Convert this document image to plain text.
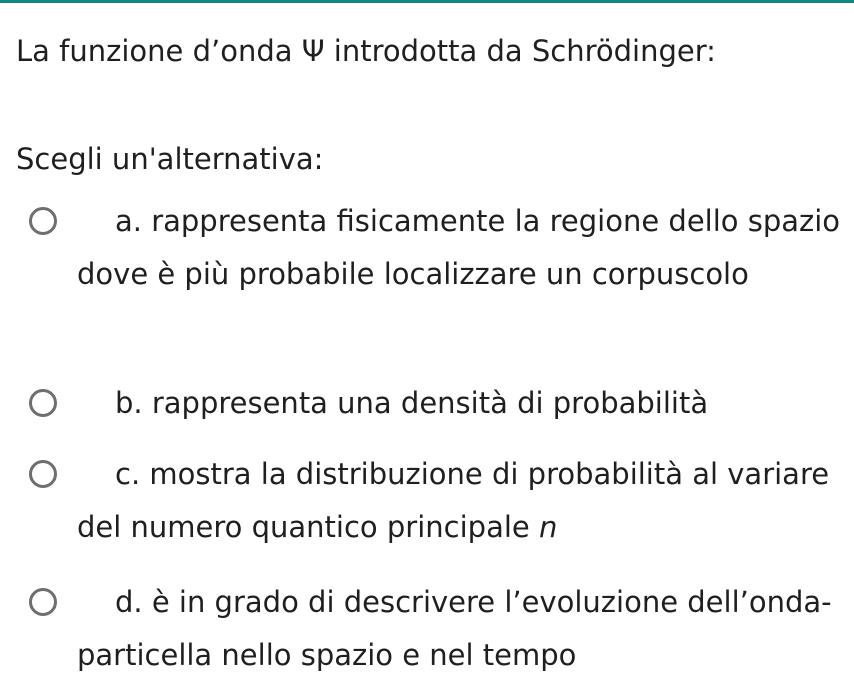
La funzione d’onda Ψ introdotta da Schrödinger:
Scegli un'alternativa:
a. rappresenta fisicamente la regione dello spazio dove è più probabile localizzare un corpuscolo
b. rappresenta una densità di probabilità
c. mostra la distribuzione di probabilità al variare del numero quantico principale n
d. è in grado di descrivere l’evoluzione dell’onda-particella nello spazio e nel tempo
